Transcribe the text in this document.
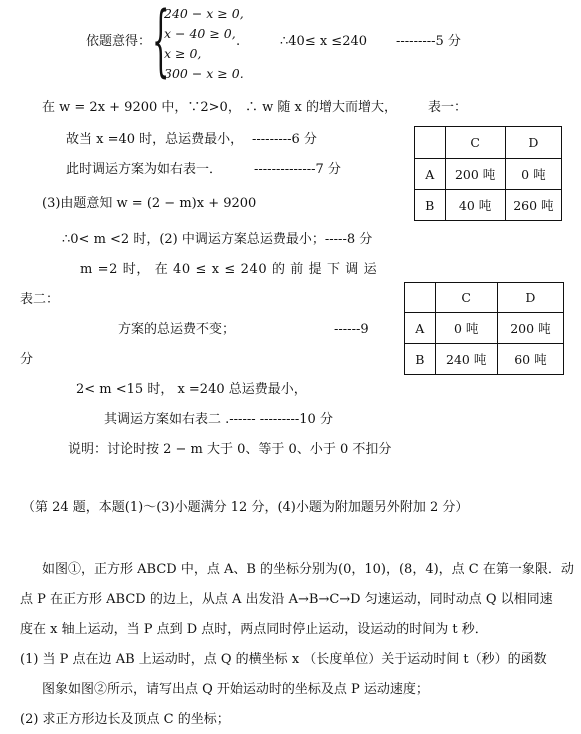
依题意得： {
240 − x ≥ 0,
x − 40 ≥ 0,
x ≥ 0,
300 − x ≥ 0.
.	∴40≤ x ≤240 ---------5 分
在 w = 2x + 9200 中，∵2>0， ∴ w 随 x 的增大而增大， 表一：
故当 x =40 时，总运费最小， ---------6 分
此时调运方案为如右表一． --------------7 分
	C	D
A	200 吨	0 吨
B	40 吨	260 吨
(3)由题意知 w = (2 − m)x + 9200
∴0< m <2 时，(2) 中调运方案总运费最小；-----8 分
m =2 时， 在 40 ≤ x ≤ 240 的 前 提 下 调 运
表二：
方案的总运费不变；	------9
分
2< m <15 时， x =240 总运费最小，
其调运方案如右表二 .------ ---------10 分
说明：讨论时按 2 − m 大于 0、等于 0、小于 0 不扣分
	C	D
A	0 吨	200 吨
B	240 吨	60 吨
（第 24 题，本题(1)～(3)小题满分 12 分，(4)小题为附加题另外附加 2 分）
如图①，正方形 ABCD 中，点 A、B 的坐标分别为(0，10)，(8，4)，点 C 在第一象限．动
点 P 在正方形 ABCD 的边上，从点 A 出发沿 A→B→C→D 匀速运动，同时动点 Q 以相同速
度在 x 轴上运动，当 P 点到 D 点时，两点同时停止运动，设运动的时间为 t 秒．
(1) 当 P 点在边 AB 上运动时，点 Q 的横坐标 x （长度单位）关于运动时间 t（秒）的函数
图象如图②所示，请写出点 Q 开始运动时的坐标及点 P 运动速度；
(2) 求正方形边长及顶点 C 的坐标；
